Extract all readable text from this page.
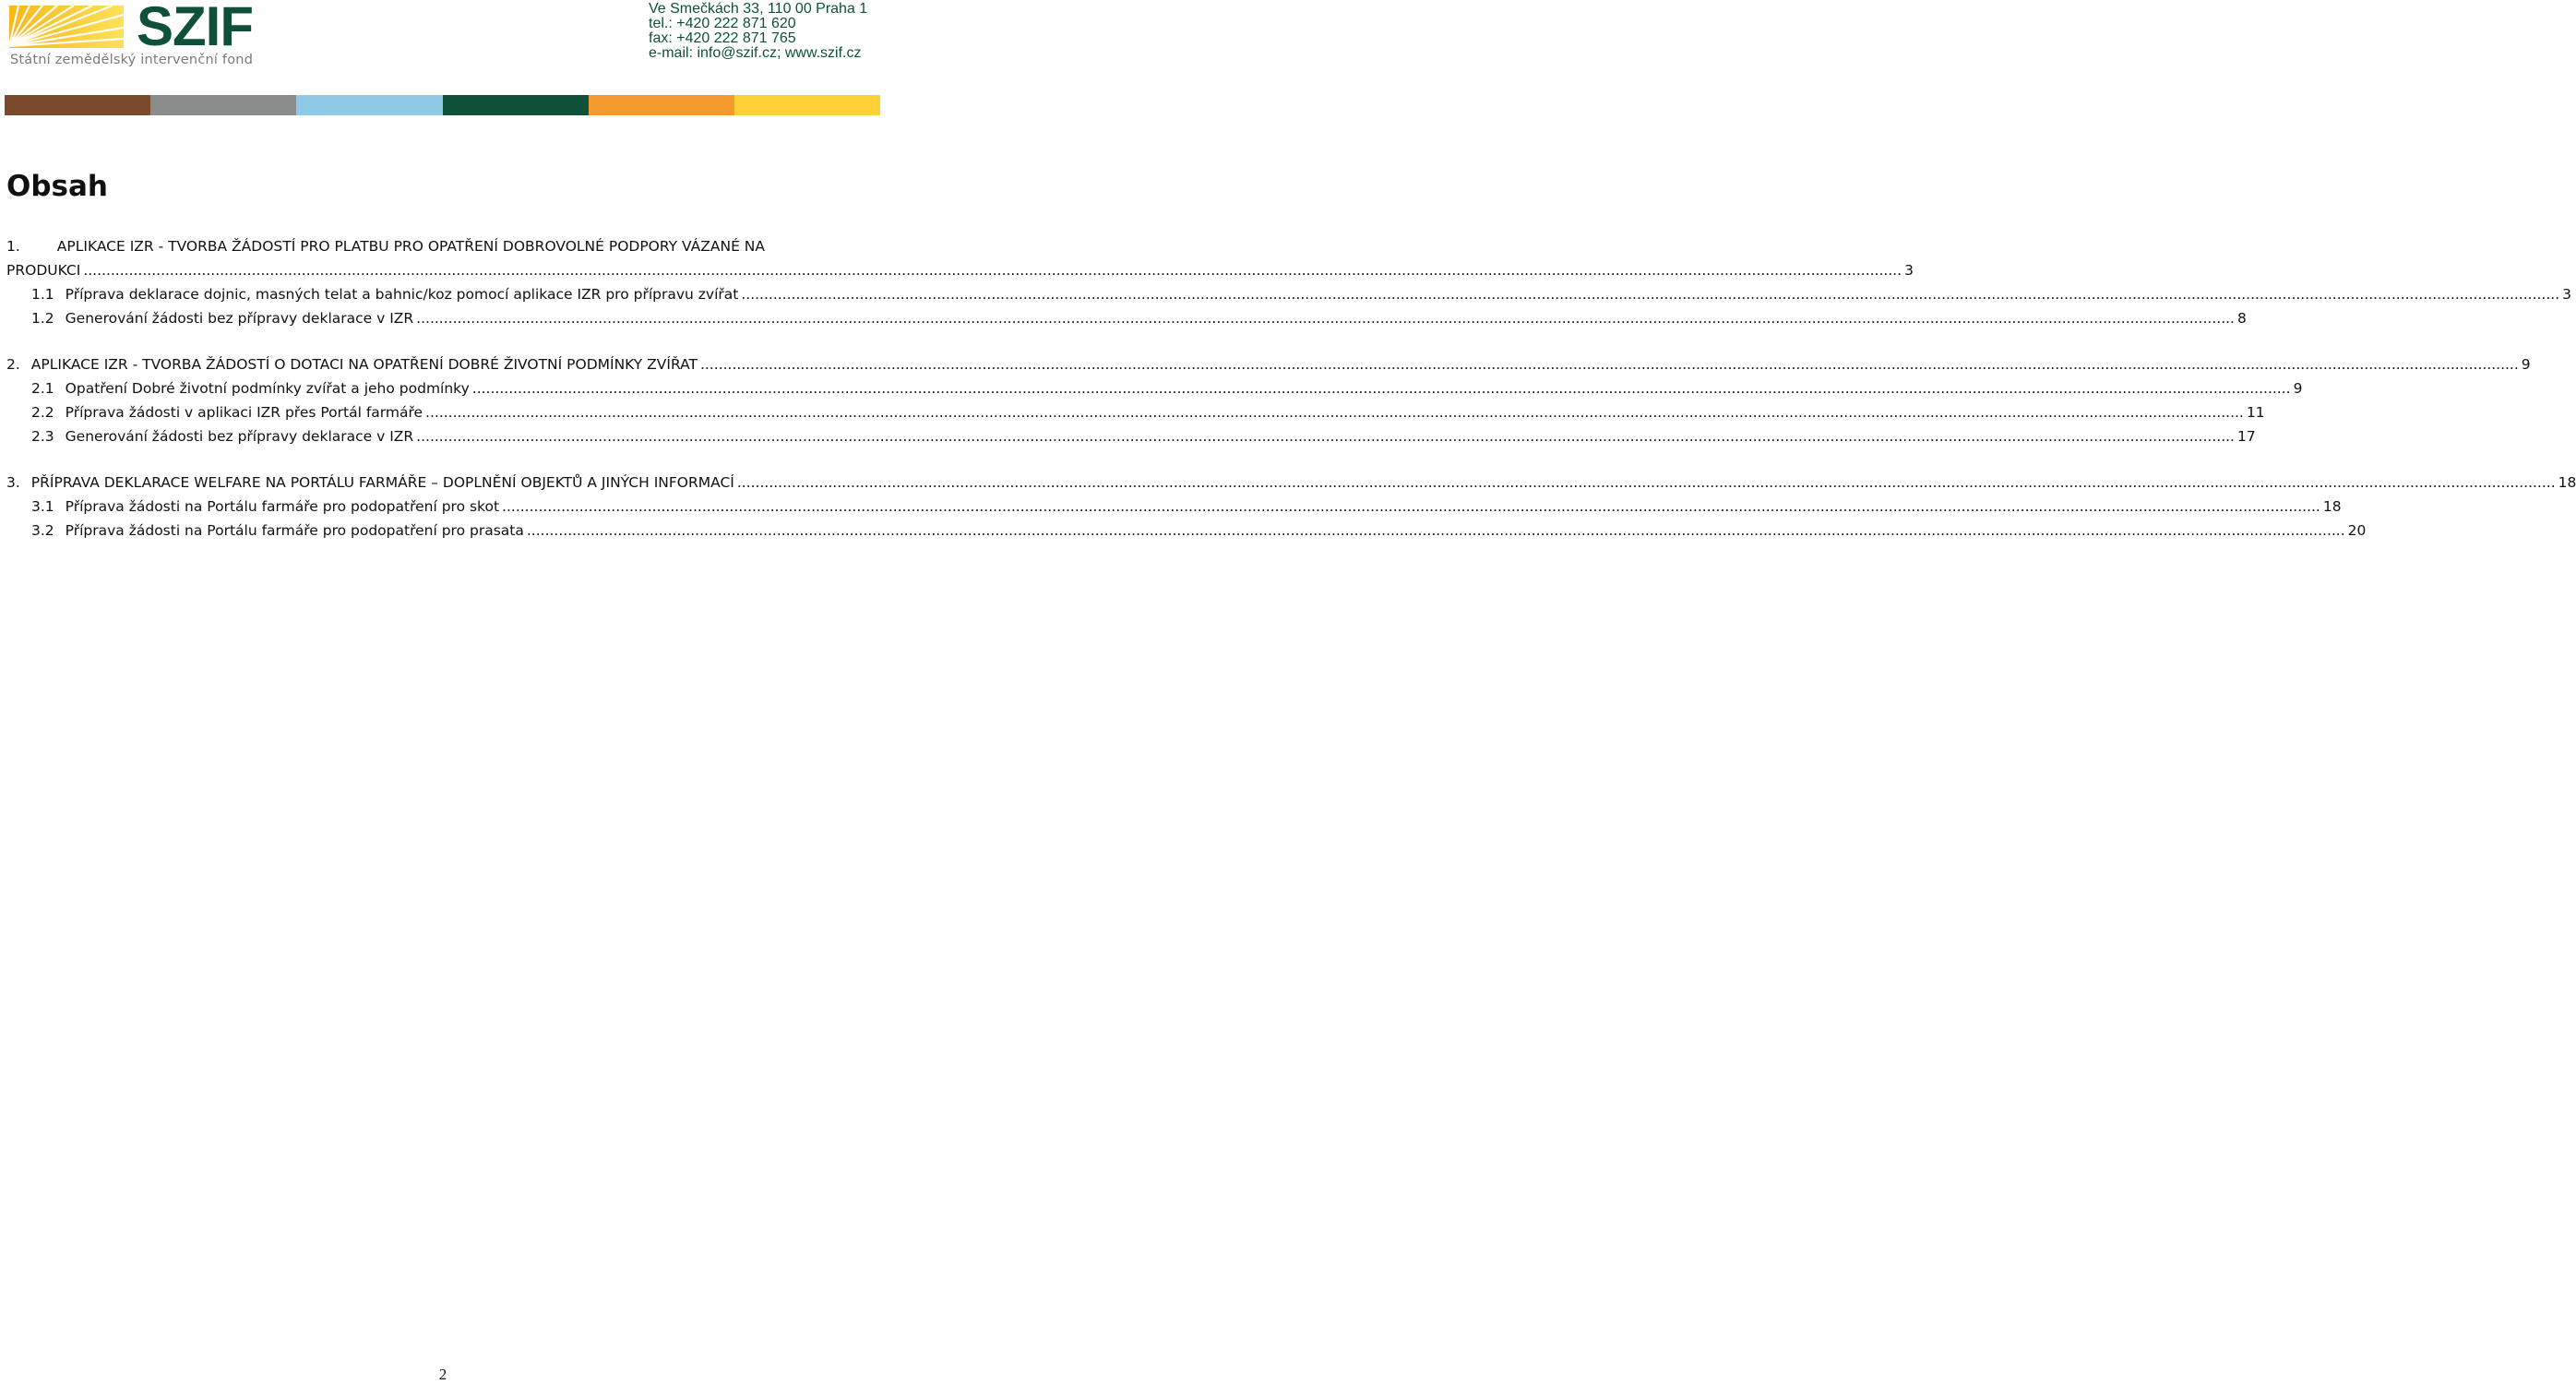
SZIF
Státní zemědělský intervenční fond
Ve Smečkách 33, 110 00 Praha 1
tel.: +420 222 871 620
fax: +420 222 871 765
e-mail: info@szif.cz; www.szif.cz
Obsah
1.	APLIKACE IZR - TVORBA ŽÁDOSTÍ PRO PLATBU PRO OPATŘENÍ DOBROVOLNÉ PODPORY VÁZANÉ NA
PRODUKCI ................................................................................................................................................................................................................................................................................................................................................................................................................ 3
1.1 Příprava deklarace dojnic, masných telat a bahnic/koz pomocí aplikace IZR pro přípravu zvířat ................................................................................................................................................................................................................................................................................................................................................................................................................ 3
1.2 Generování žádosti bez přípravy deklarace v IZR ................................................................................................................................................................................................................................................................................................................................................................................................................ 8
2. APLIKACE IZR - TVORBA ŽÁDOSTÍ O DOTACI NA OPATŘENÍ DOBRÉ ŽIVOTNÍ PODMÍNKY ZVÍŘAT ................................................................................................................................................................................................................................................................................................................................................................................................................ 9
2.1 Opatření Dobré životní podmínky zvířat a jeho podmínky ................................................................................................................................................................................................................................................................................................................................................................................................................ 9
2.2 Příprava žádosti v aplikaci IZR přes Portál farmáře ................................................................................................................................................................................................................................................................................................................................................................................................................ 11
2.3 Generování žádosti bez přípravy deklarace v IZR ................................................................................................................................................................................................................................................................................................................................................................................................................ 17
3. PŘÍPRAVA DEKLARACE WELFARE NA PORTÁLU FARMÁŘE – DOPLNĚNÍ OBJEKTŮ A JINÝCH INFORMACÍ ................................................................................................................................................................................................................................................................................................................................................................................................................ 18
3.1 Příprava žádosti na Portálu farmáře pro podopatření pro skot ................................................................................................................................................................................................................................................................................................................................................................................................................ 18
3.2 Příprava žádosti na Portálu farmáře pro podopatření pro prasata ................................................................................................................................................................................................................................................................................................................................................................................................................ 20
2
